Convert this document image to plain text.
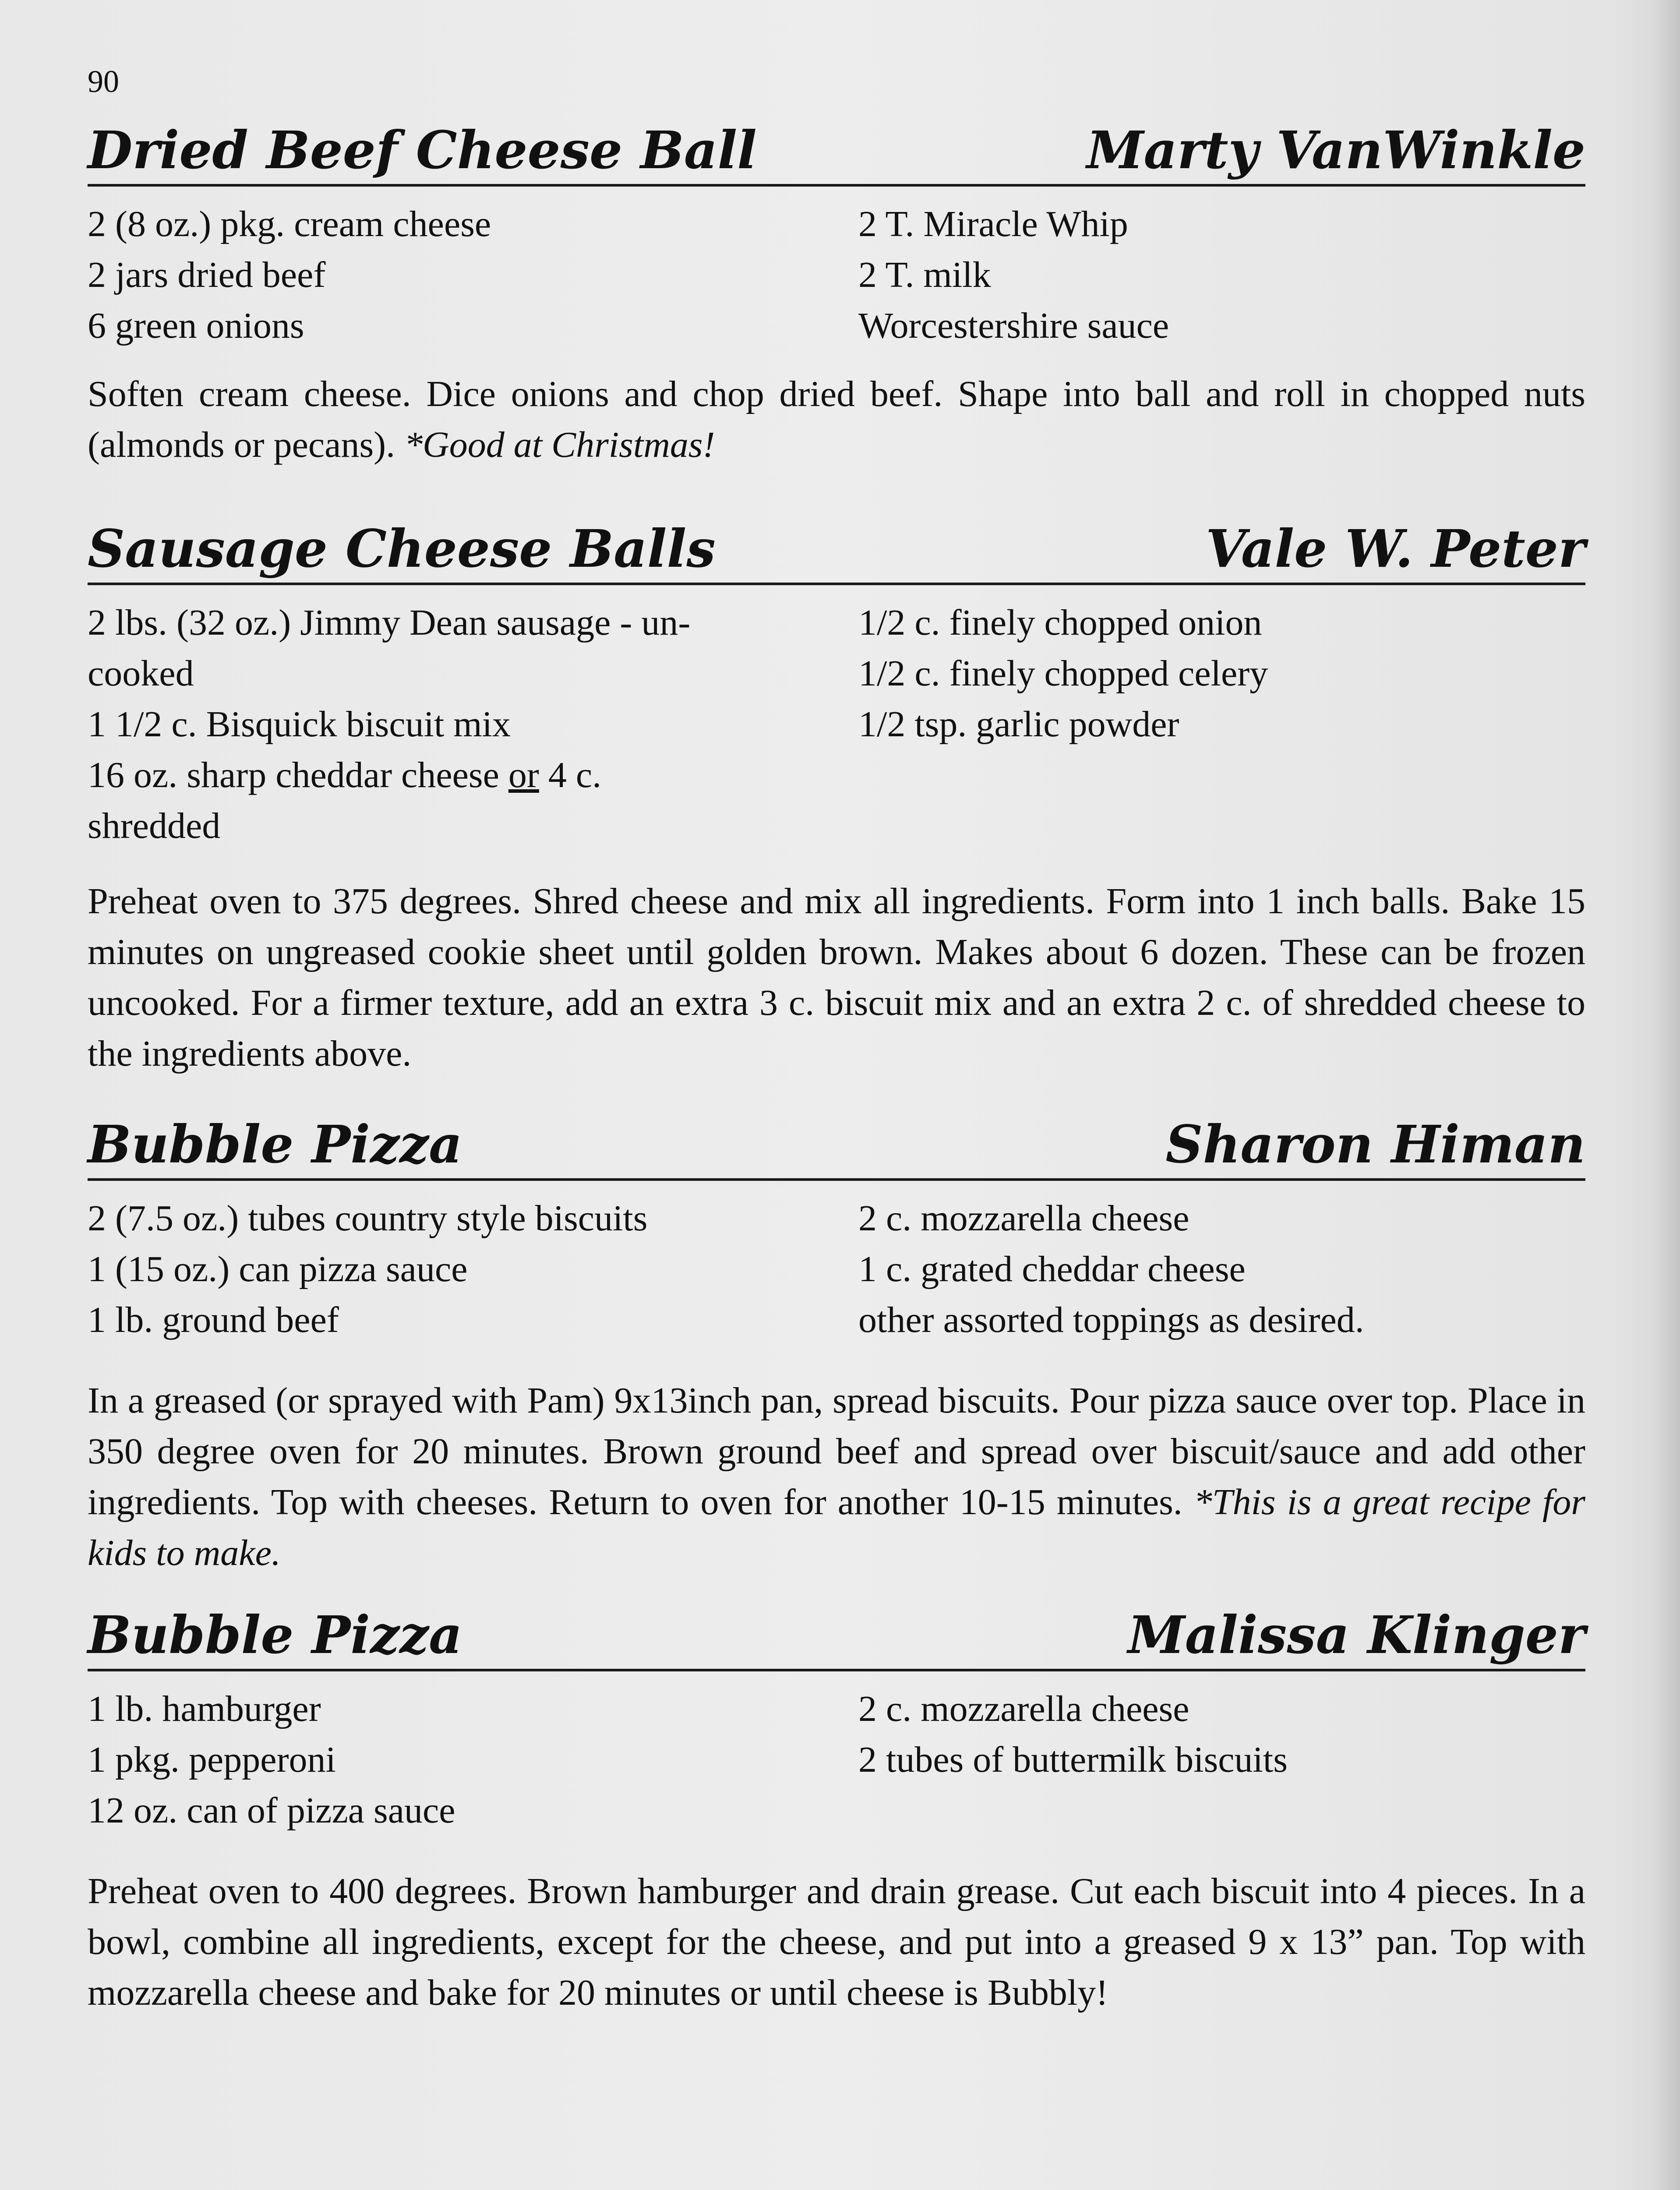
90
Dried Beef Cheese Ball	Marty VanWinkle
2 (8 oz.) pkg. cream cheese
2 jars dried beef
6 green onions
2 T. Miracle Whip
2 T. milk
Worcestershire sauce
Soften cream cheese. Dice onions and chop dried beef. Shape into ball and roll in chopped nuts (almonds or pecans). *Good at Christmas!
Sausage Cheese Balls	Vale W. Peter
2 lbs. (32 oz.) Jimmy Dean sausage - un-
cooked
1 1/2 c. Bisquick biscuit mix
16 oz. sharp cheddar cheese or 4 c.
shredded
1/2 c. finely chopped onion
1/2 c. finely chopped celery
1/2 tsp. garlic powder
Preheat oven to 375 degrees. Shred cheese and mix all ingredients. Form into 1 inch balls. Bake 15 minutes on ungreased cookie sheet until golden brown. Makes about 6 dozen. These can be frozen uncooked. For a firmer texture, add an extra 3 c. biscuit mix and an extra 2 c. of shredded cheese to the ingredients above.
Bubble Pizza	Sharon Himan
2 (7.5 oz.) tubes country style biscuits
1 (15 oz.) can pizza sauce
1 lb. ground beef
2 c. mozzarella cheese
1 c. grated cheddar cheese
other assorted toppings as desired.
In a greased (or sprayed with Pam) 9x13inch pan, spread biscuits. Pour pizza sauce over top. Place in 350 degree oven for 20 minutes. Brown ground beef and spread over biscuit/sauce and add other ingredients. Top with cheeses. Return to oven for another 10-15 minutes. *This is a great recipe for kids to make.
Bubble Pizza	Malissa Klinger
1 lb. hamburger
1 pkg. pepperoni
12 oz. can of pizza sauce
2 c. mozzarella cheese
2 tubes of buttermilk biscuits
Preheat oven to 400 degrees. Brown hamburger and drain grease. Cut each biscuit into 4 pieces. In a bowl, combine all ingredients, except for the cheese, and put into a greased 9 x 13” pan. Top with mozzarella cheese and bake for 20 minutes or until cheese is Bubbly!
